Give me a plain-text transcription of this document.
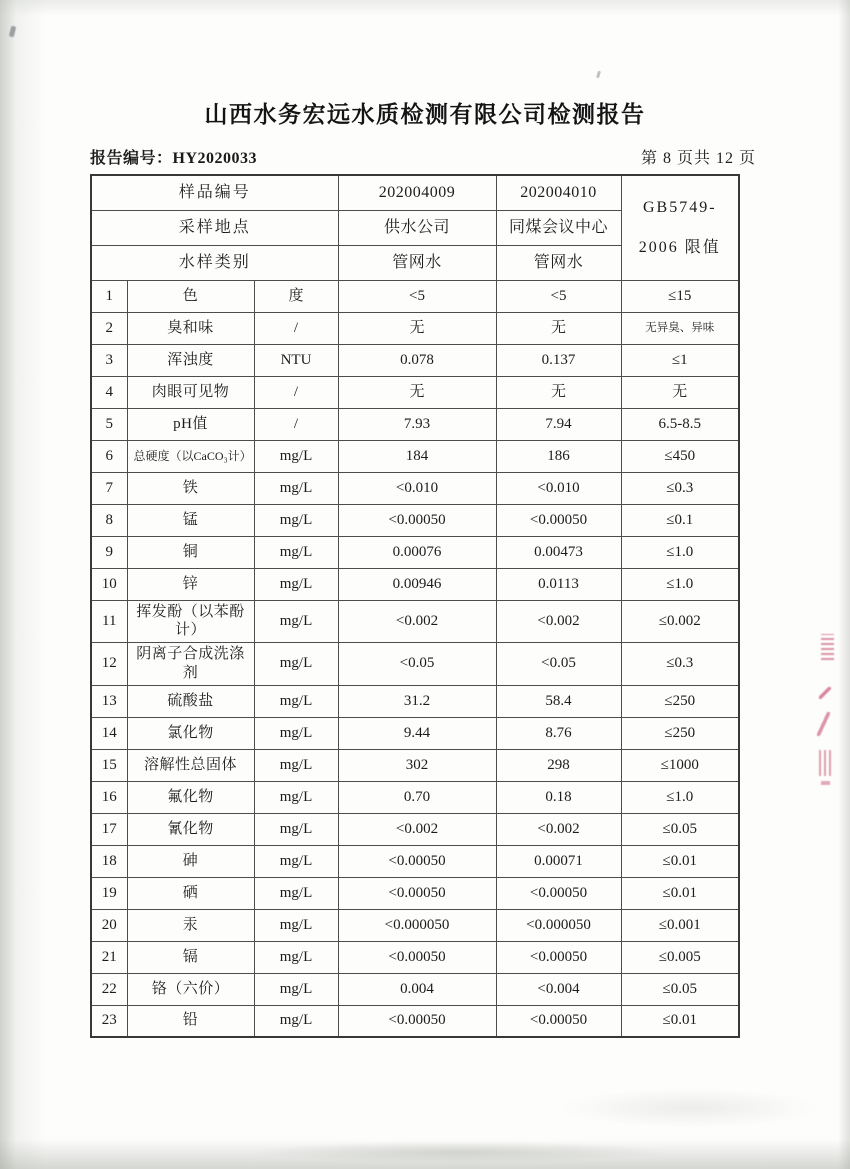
山西水务宏远水质检测有限公司检测报告
报告编号：HY2020033	第 8 页共 12 页
样品编号			202004009	202004010	GB5749-
2006 限值

采样地点			供水公司	同煤会议中心	
水样类别			管网水	管网水	
1	色	度	<5	<5	≤15
2	臭和味	/	无	无	无异臭、异味
3	浑浊度	NTU	0.078	0.137	≤1
4	肉眼可见物	/	无	无	无
5	pH值	/	7.93	7.94	6.5-8.5
6	总硬度（以CaCO₃计）	mg/L	184	186	≤450
7	铁	mg/L	<0.010	<0.010	≤0.3
8	锰	mg/L	<0.00050	<0.00050	≤0.1
9	铜	mg/L	0.00076	0.00473	≤1.0
10	锌	mg/L	0.00946	0.0113	≤1.0
11	挥发酚（以苯酚计）	mg/L	<0.002	<0.002	≤0.002
12	阴离子合成洗涤剂	mg/L	<0.05	<0.05	≤0.3
13	硫酸盐	mg/L	31.2	58.4	≤250
14	氯化物	mg/L	9.44	8.76	≤250
15	溶解性总固体	mg/L	302	298	≤1000
16	氟化物	mg/L	0.70	0.18	≤1.0
17	氰化物	mg/L	<0.002	<0.002	≤0.05
18	砷	mg/L	<0.00050	0.00071	≤0.01
19	硒	mg/L	<0.00050	<0.00050	≤0.01
20	汞	mg/L	<0.000050	<0.000050	≤0.001
21	镉	mg/L	<0.00050	<0.00050	≤0.005
22	铬（六价）	mg/L	0.004	<0.004	≤0.05
23	铅	mg/L	<0.00050	<0.00050	≤0.01
